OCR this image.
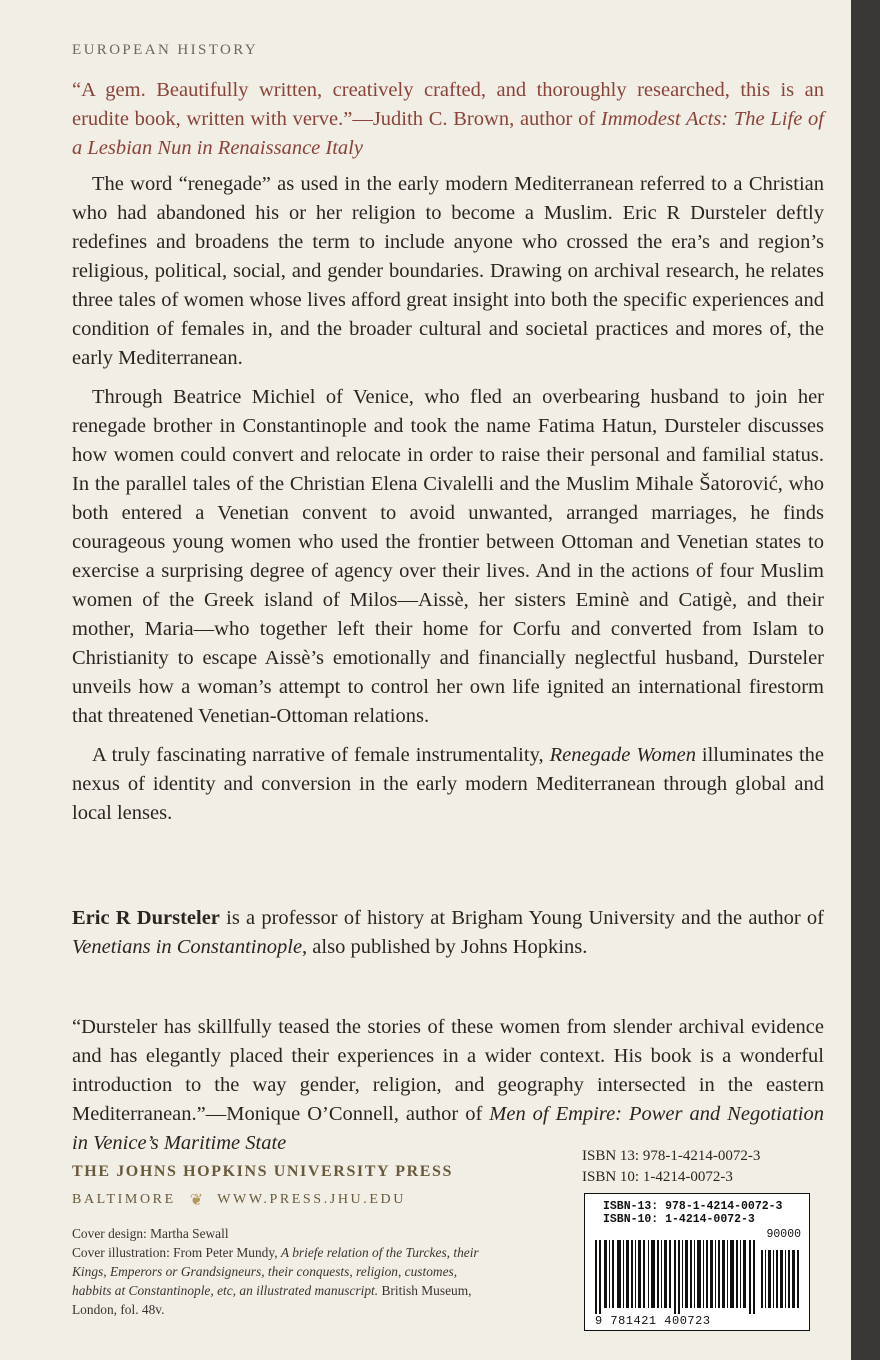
EUROPEAN HISTORY
“A gem. Beautifully written, creatively crafted, and thoroughly researched, this is an erudite book, written with verve.”—Judith C. Brown, author of Immodest Acts: The Life of a Lesbian Nun in Renaissance Italy

The word “renegade” as used in the early modern Mediterranean referred to a Christian who had abandoned his or her religion to become a Muslim. Eric R Dursteler deftly redefines and broadens the term to include anyone who crossed the era’s and region’s religious, political, social, and gender boundaries. Drawing on archival research, he relates three tales of women whose lives afford great insight into both the specific experiences and condition of females in, and the broader cultural and societal practices and mores of, the early Mediterranean.

Through Beatrice Michiel of Venice, who fled an overbearing husband to join her renegade brother in Constantinople and took the name Fatima Hatun, Dursteler discusses how women could convert and relocate in order to raise their personal and familial status. In the parallel tales of the Christian Elena Civalelli and the Muslim Mihale Šatorović, who both entered a Venetian convent to avoid unwanted, arranged marriages, he finds courageous young women who used the frontier between Ottoman and Venetian states to exercise a surprising degree of agency over their lives. And in the actions of four Muslim women of the Greek island of Milos—Aissè, her sisters Eminè and Catigè, and their mother, Maria—who together left their home for Corfu and converted from Islam to Christianity to escape Aissè’s emotionally and financially neglectful husband, Dursteler unveils how a woman’s attempt to control her own life ignited an international firestorm that threatened Venetian-Ottoman relations.

A truly fascinating narrative of female instrumentality, Renegade Women illuminates the nexus of identity and conversion in the early modern Mediterranean through global and local lenses.

Eric R Dursteler is a professor of history at Brigham Young University and the author of Venetians in Constantinople, also published by Johns Hopkins.
“Dursteler has skillfully teased the stories of these women from slender archival evidence and has elegantly placed their experiences in a wider context. His book is a wonderful introduction to the way gender, religion, and geography intersected in the eastern Mediterranean.”—Monique O’Connell, author of Men of Empire: Power and Negotiation in Venice’s Maritime State
THE JOHNS HOPKINS UNIVERSITY PRESS
BALTIMORE ❦ WWW.PRESS.JHU.EDU
Cover design: Martha Sewall
Cover illustration: From Peter Mundy, A briefe relation of the Turckes, their Kings, Emperors or Grandsigneurs, their conquests, religion, customes, habbits at Constantinople, etc, an illustrated manuscript. British Museum, London, fol. 48v.
ISBN 13: 978-1-4214-0072-3
ISBN 10: 1-4214-0072-3
ISBN-13: 978-1-4214-0072-3
ISBN-10: 1-4214-0072-3
90000
9 781421 400723
